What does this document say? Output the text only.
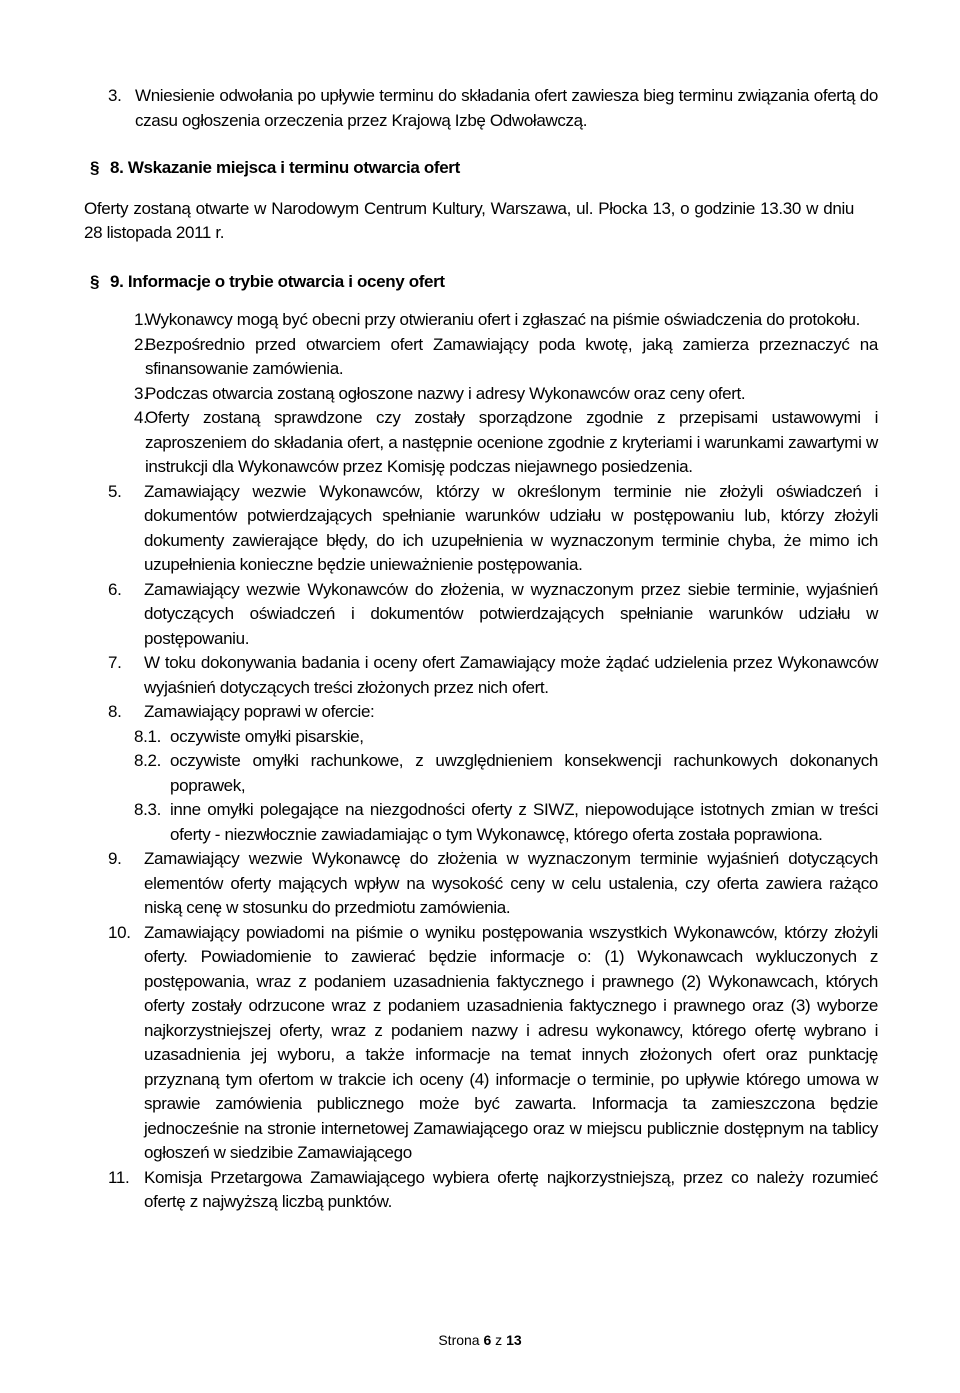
3. Wniesienie odwołania po upływie terminu do składania ofert zawiesza bieg terminu związania ofertą do czasu ogłoszenia orzeczenia przez Krajową Izbę Odwoławczą.
§ 8. Wskazanie miejsca i terminu otwarcia ofert
Oferty zostaną otwarte w Narodowym Centrum Kultury, Warszawa, ul. Płocka 13, o godzinie 13.30 w dniu 28 listopada 2011 r.
§ 9. Informacje o trybie otwarcia i oceny ofert
1.
Wykonawcy mogą być obecni przy otwieraniu ofert i zgłaszać na piśmie oświadczenia do protokołu.
2.
Bezpośrednio przed otwarciem ofert Zamawiający poda kwotę, jaką zamierza przeznaczyć na sfinansowanie zamówienia.
3.
Podczas otwarcia zostaną ogłoszone nazwy i adresy Wykonawców oraz ceny ofert.
4.
Oferty zostaną sprawdzone czy zostały sporządzone zgodnie z przepisami ustawowymi i zaproszeniem do składania ofert, a następnie ocenione zgodnie z kryteriami i warunkami zawartymi w instrukcji dla Wykonawców przez Komisję podczas niejawnego posiedzenia.
5.	Zamawiający wezwie Wykonawców, którzy w określonym terminie nie złożyli oświadczeń i dokumentów potwierdzających spełnianie warunków udziału w postępowaniu lub, którzy złożyli dokumenty zawierające błędy, do ich uzupełnienia w wyznaczonym terminie chyba, że mimo ich uzupełnienia konieczne będzie unieważnienie postępowania.
6.	Zamawiający wezwie Wykonawców do złożenia, w wyznaczonym przez siebie terminie, wyjaśnień dotyczących oświadczeń i dokumentów potwierdzających spełnianie warunków udziału w postępowaniu.
7.	W toku dokonywania badania i oceny ofert Zamawiający może żądać udzielenia przez Wykonawców wyjaśnień dotyczących treści złożonych przez nich ofert.
8.	Zamawiający poprawi w ofercie:
8.1. oczywiste omyłki pisarskie,
8.2. oczywiste omyłki rachunkowe, z uwzględnieniem konsekwencji rachunkowych dokonanych poprawek,
8.3. inne omyłki polegające na niezgodności oferty z SIWZ, niepowodujące istotnych zmian w treści oferty - niezwłocznie zawiadamiając o tym Wykonawcę, którego oferta została poprawiona.
9.	Zamawiający wezwie Wykonawcę do złożenia w wyznaczonym terminie wyjaśnień dotyczących elementów oferty mających wpływ na wysokość ceny w celu ustalenia, czy oferta zawiera rażąco niską cenę w stosunku do przedmiotu zamówienia.
10. Zamawiający powiadomi na piśmie o wyniku postępowania wszystkich Wykonawców, którzy złożyli oferty. Powiadomienie to zawierać będzie informacje o: (1) Wykonawcach wykluczonych z postępowania, wraz z podaniem uzasadnienia faktycznego i prawnego (2) Wykonawcach, których oferty zostały odrzucone wraz z podaniem uzasadnienia faktycznego i prawnego oraz (3) wyborze najkorzystniejszej oferty, wraz z podaniem nazwy i adresu wykonawcy, którego ofertę wybrano i uzasadnienia jej wyboru, a także informacje na temat innych złożonych ofert oraz punktację przyznaną tym ofertom w trakcie ich oceny (4) informacje o terminie, po upływie którego umowa w sprawie zamówienia publicznego może być zawarta. Informacja ta zamieszczona będzie jednocześnie na stronie internetowej Zamawiającego oraz w miejscu publicznie dostępnym na tablicy ogłoszeń w siedzibie Zamawiającego
11. Komisja Przetargowa Zamawiającego wybiera ofertę najkorzystniejszą, przez co należy rozumieć ofertę z najwyższą liczbą punktów.
Strona 6 z 13
